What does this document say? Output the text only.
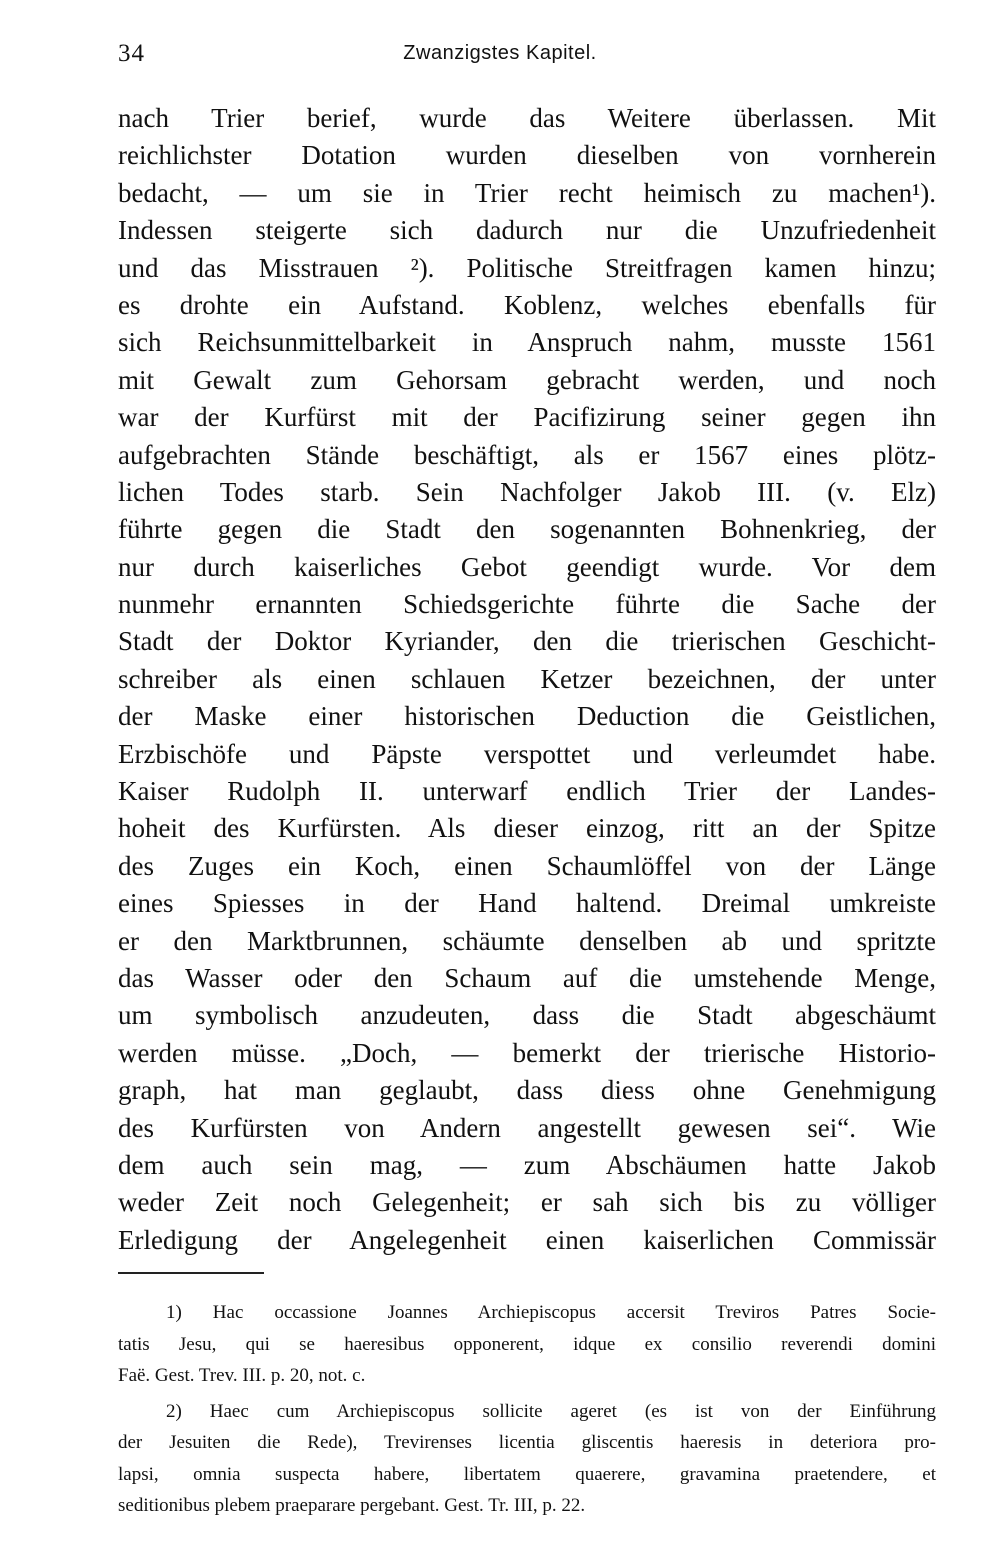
34	Zwanzigstes Kapitel.
nach Trier berief, wurde das Weitere überlassen. Mit
reichlichster Dotation wurden dieselben von vornherein
bedacht, — um sie in Trier recht heimisch zu machen¹).
Indessen steigerte sich dadurch nur die Unzufriedenheit
und das Misstrauen ²). Politische Streitfragen kamen hinzu;
es drohte ein Aufstand. Koblenz, welches ebenfalls für
sich Reichsunmittelbarkeit in Anspruch nahm, musste 1561
mit Gewalt zum Gehorsam gebracht werden, und noch
war der Kurfürst mit der Pacifizirung seiner gegen ihn
aufgebrachten Stände beschäftigt, als er 1567 eines plötz-
lichen Todes starb. Sein Nachfolger Jakob III. (v. Elz)
führte gegen die Stadt den sogenannten Bohnenkrieg, der
nur durch kaiserliches Gebot geendigt wurde. Vor dem
nunmehr ernannten Schiedsgerichte führte die Sache der
Stadt der Doktor Kyriander, den die trierischen Geschicht-
schreiber als einen schlauen Ketzer bezeichnen, der unter
der Maske einer historischen Deduction die Geistlichen,
Erzbischöfe und Päpste verspottet und verleumdet habe.
Kaiser Rudolph II. unterwarf endlich Trier der Landes-
hoheit des Kurfürsten. Als dieser einzog, ritt an der Spitze
des Zuges ein Koch, einen Schaumlöffel von der Länge
eines Spiesses in der Hand haltend. Dreimal umkreiste
er den Marktbrunnen, schäumte denselben ab und spritzte
das Wasser oder den Schaum auf die umstehende Menge,
um symbolisch anzudeuten, dass die Stadt abgeschäumt
werden müsse. „Doch, — bemerkt der trierische Historio-
graph, hat man geglaubt, dass diess ohne Genehmigung
des Kurfürsten von Andern angestellt gewesen sei“. Wie
dem auch sein mag, — zum Abschäumen hatte Jakob
weder Zeit noch Gelegenheit; er sah sich bis zu völliger
Erledigung der Angelegenheit einen kaiserlichen Commissär
1) Hac occassione Joannes Archiepiscopus accersit Treviros Patres Socie-
tatis Jesu, qui se haeresibus opponerent, idque ex consilio reverendi domini
Faë. Gest. Trev. III. p. 20, not. c.
2) Haec cum Archiepiscopus sollicite ageret (es ist von der Einführung
der Jesuiten die Rede), Trevirenses licentia gliscentis haeresis in deteriora pro-
lapsi, omnia suspecta habere, libertatem quaerere, gravamina praetendere, et
seditionibus plebem praeparare pergebant. Gest. Tr. III, p. 22.
